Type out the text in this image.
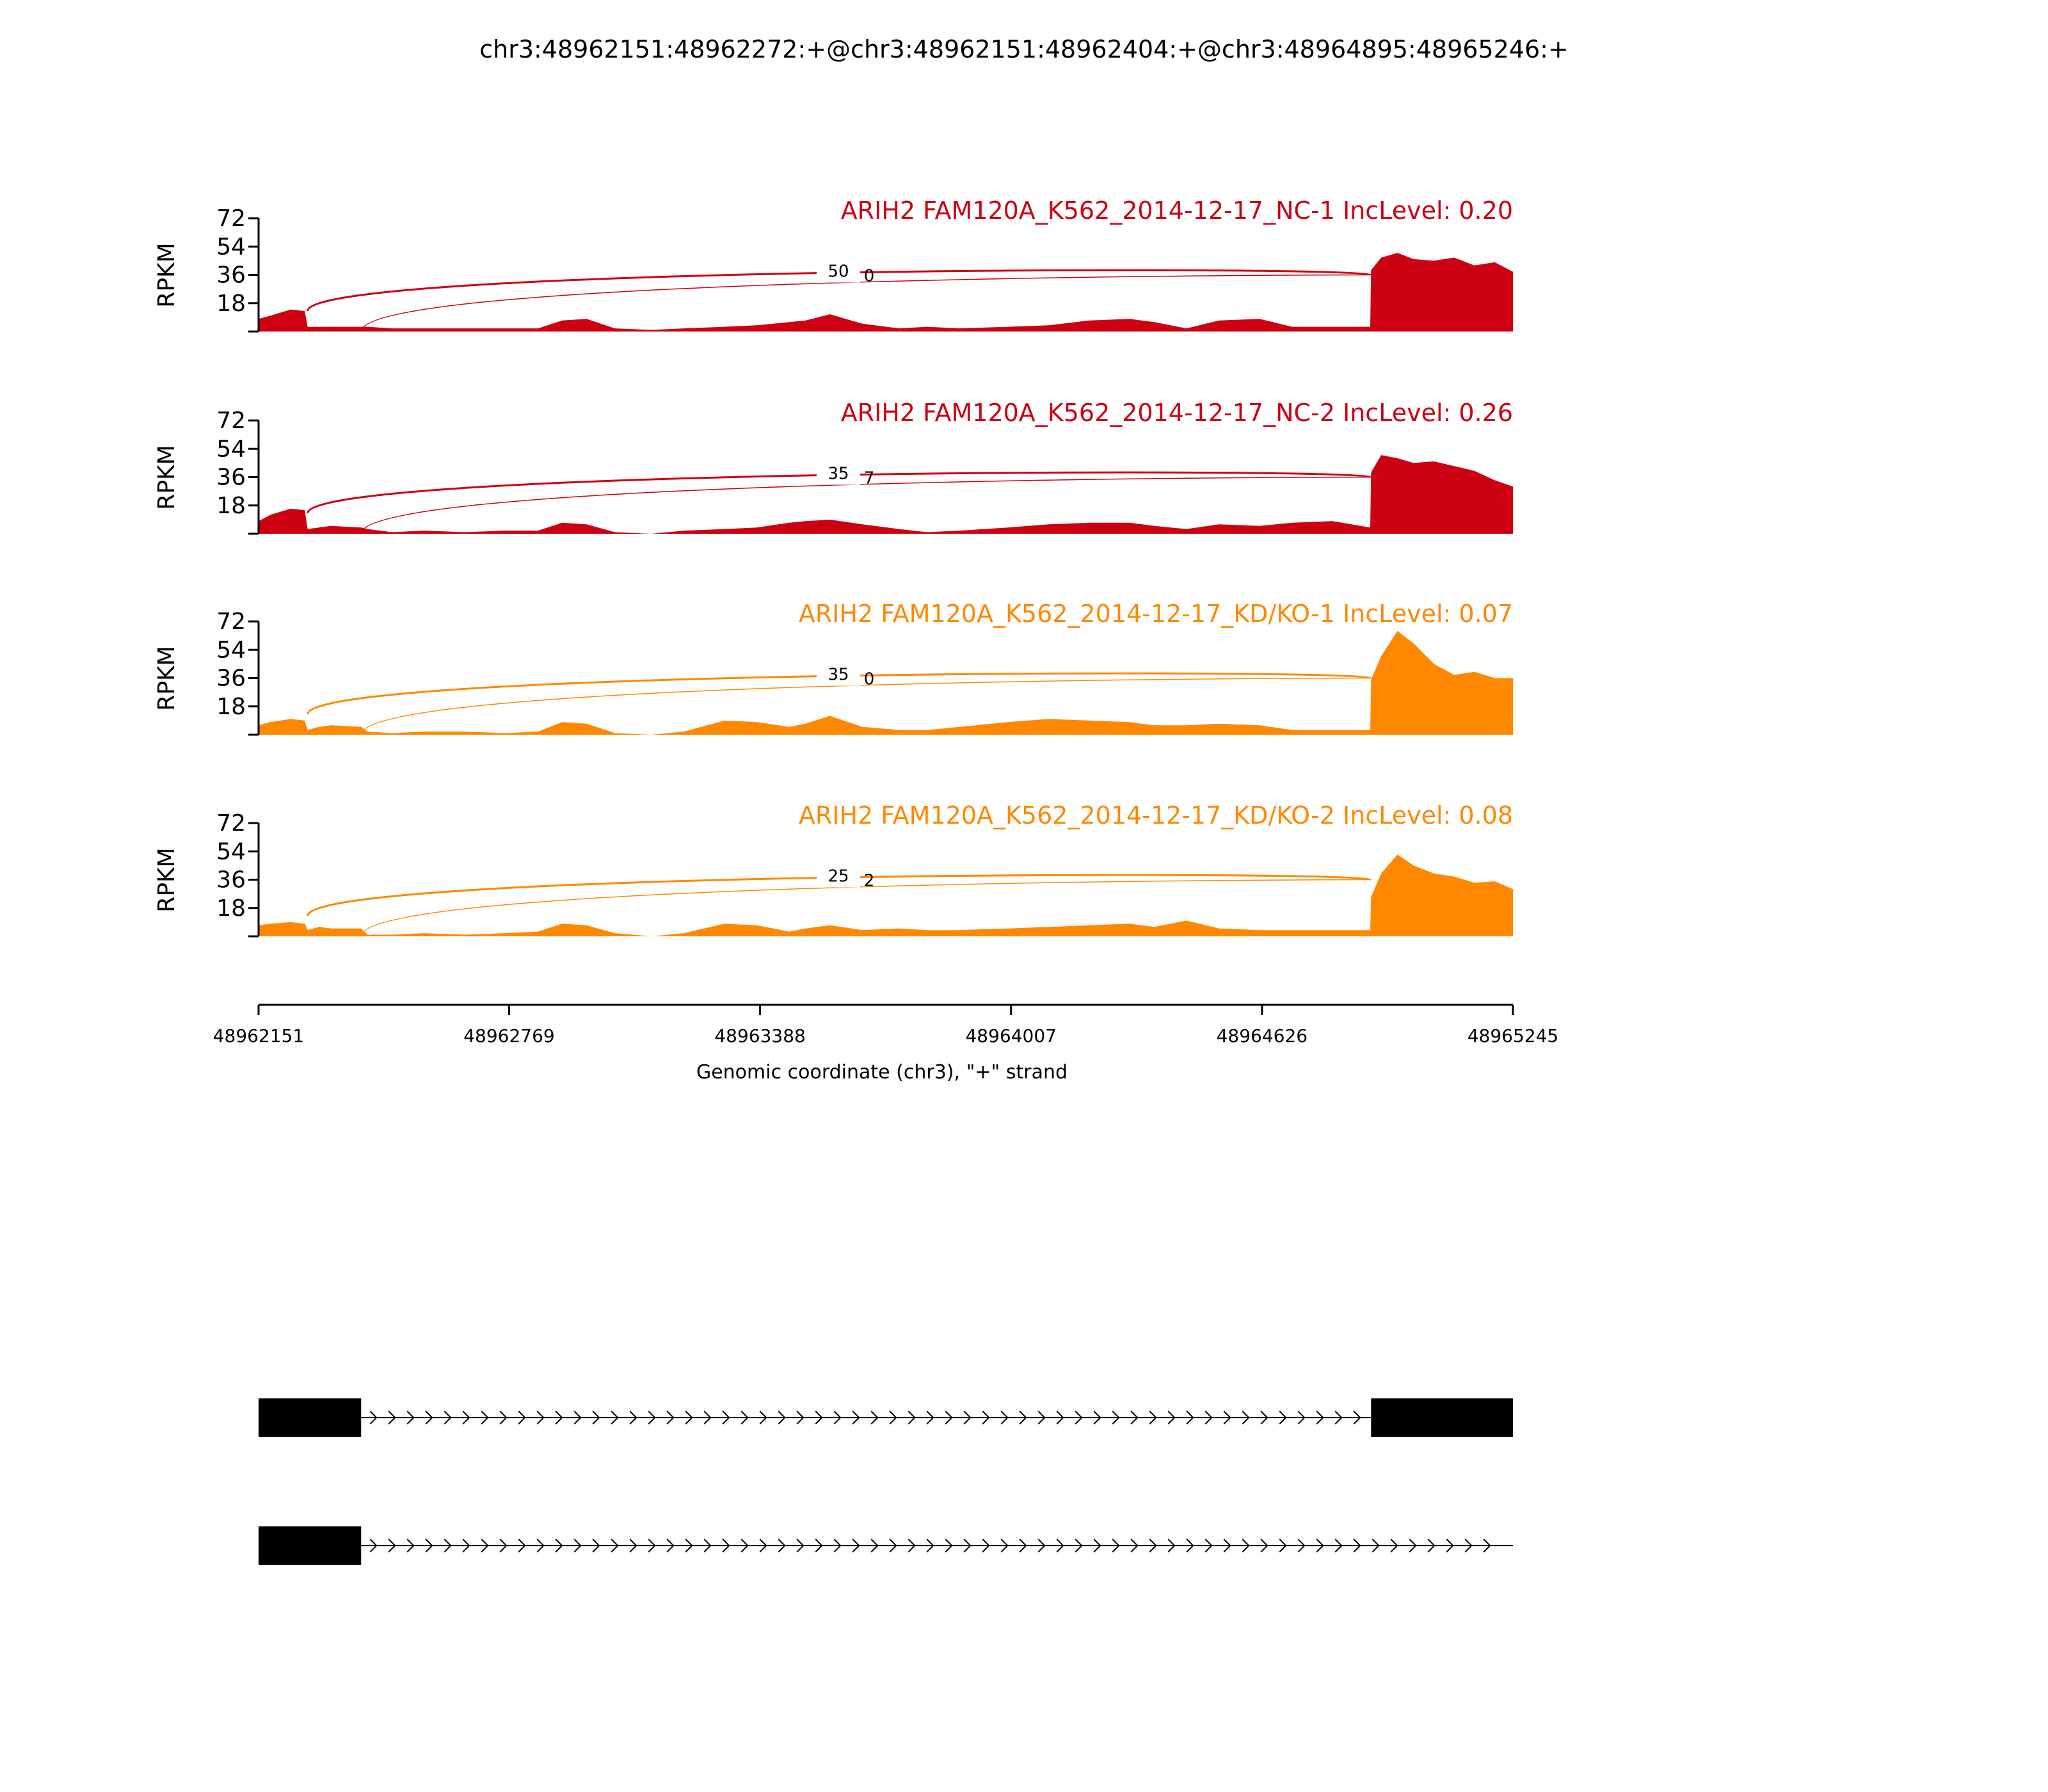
chr3:48962151:48962272:+@chr3:48962151:48962404:+@chr3:48964895:48965246:+
0
50
ARIH2 FAM120A_K562_2014-12-17_NC-1 IncLevel: 0.20
18
36
54
72
RPKM
7
35
ARIH2 FAM120A_K562_2014-12-17_NC-2 IncLevel: 0.26
18
36
54
72
RPKM
0
35
ARIH2 FAM120A_K562_2014-12-17_KD/KO-1 IncLevel: 0.07
18
36
54
72
RPKM
2
25
ARIH2 FAM120A_K562_2014-12-17_KD/KO-2 IncLevel: 0.08
18
36
54
72
RPKM
48962151	48962769	48963388	48964007	48964626	48965245
Genomic coordinate (chr3), "+" strand
